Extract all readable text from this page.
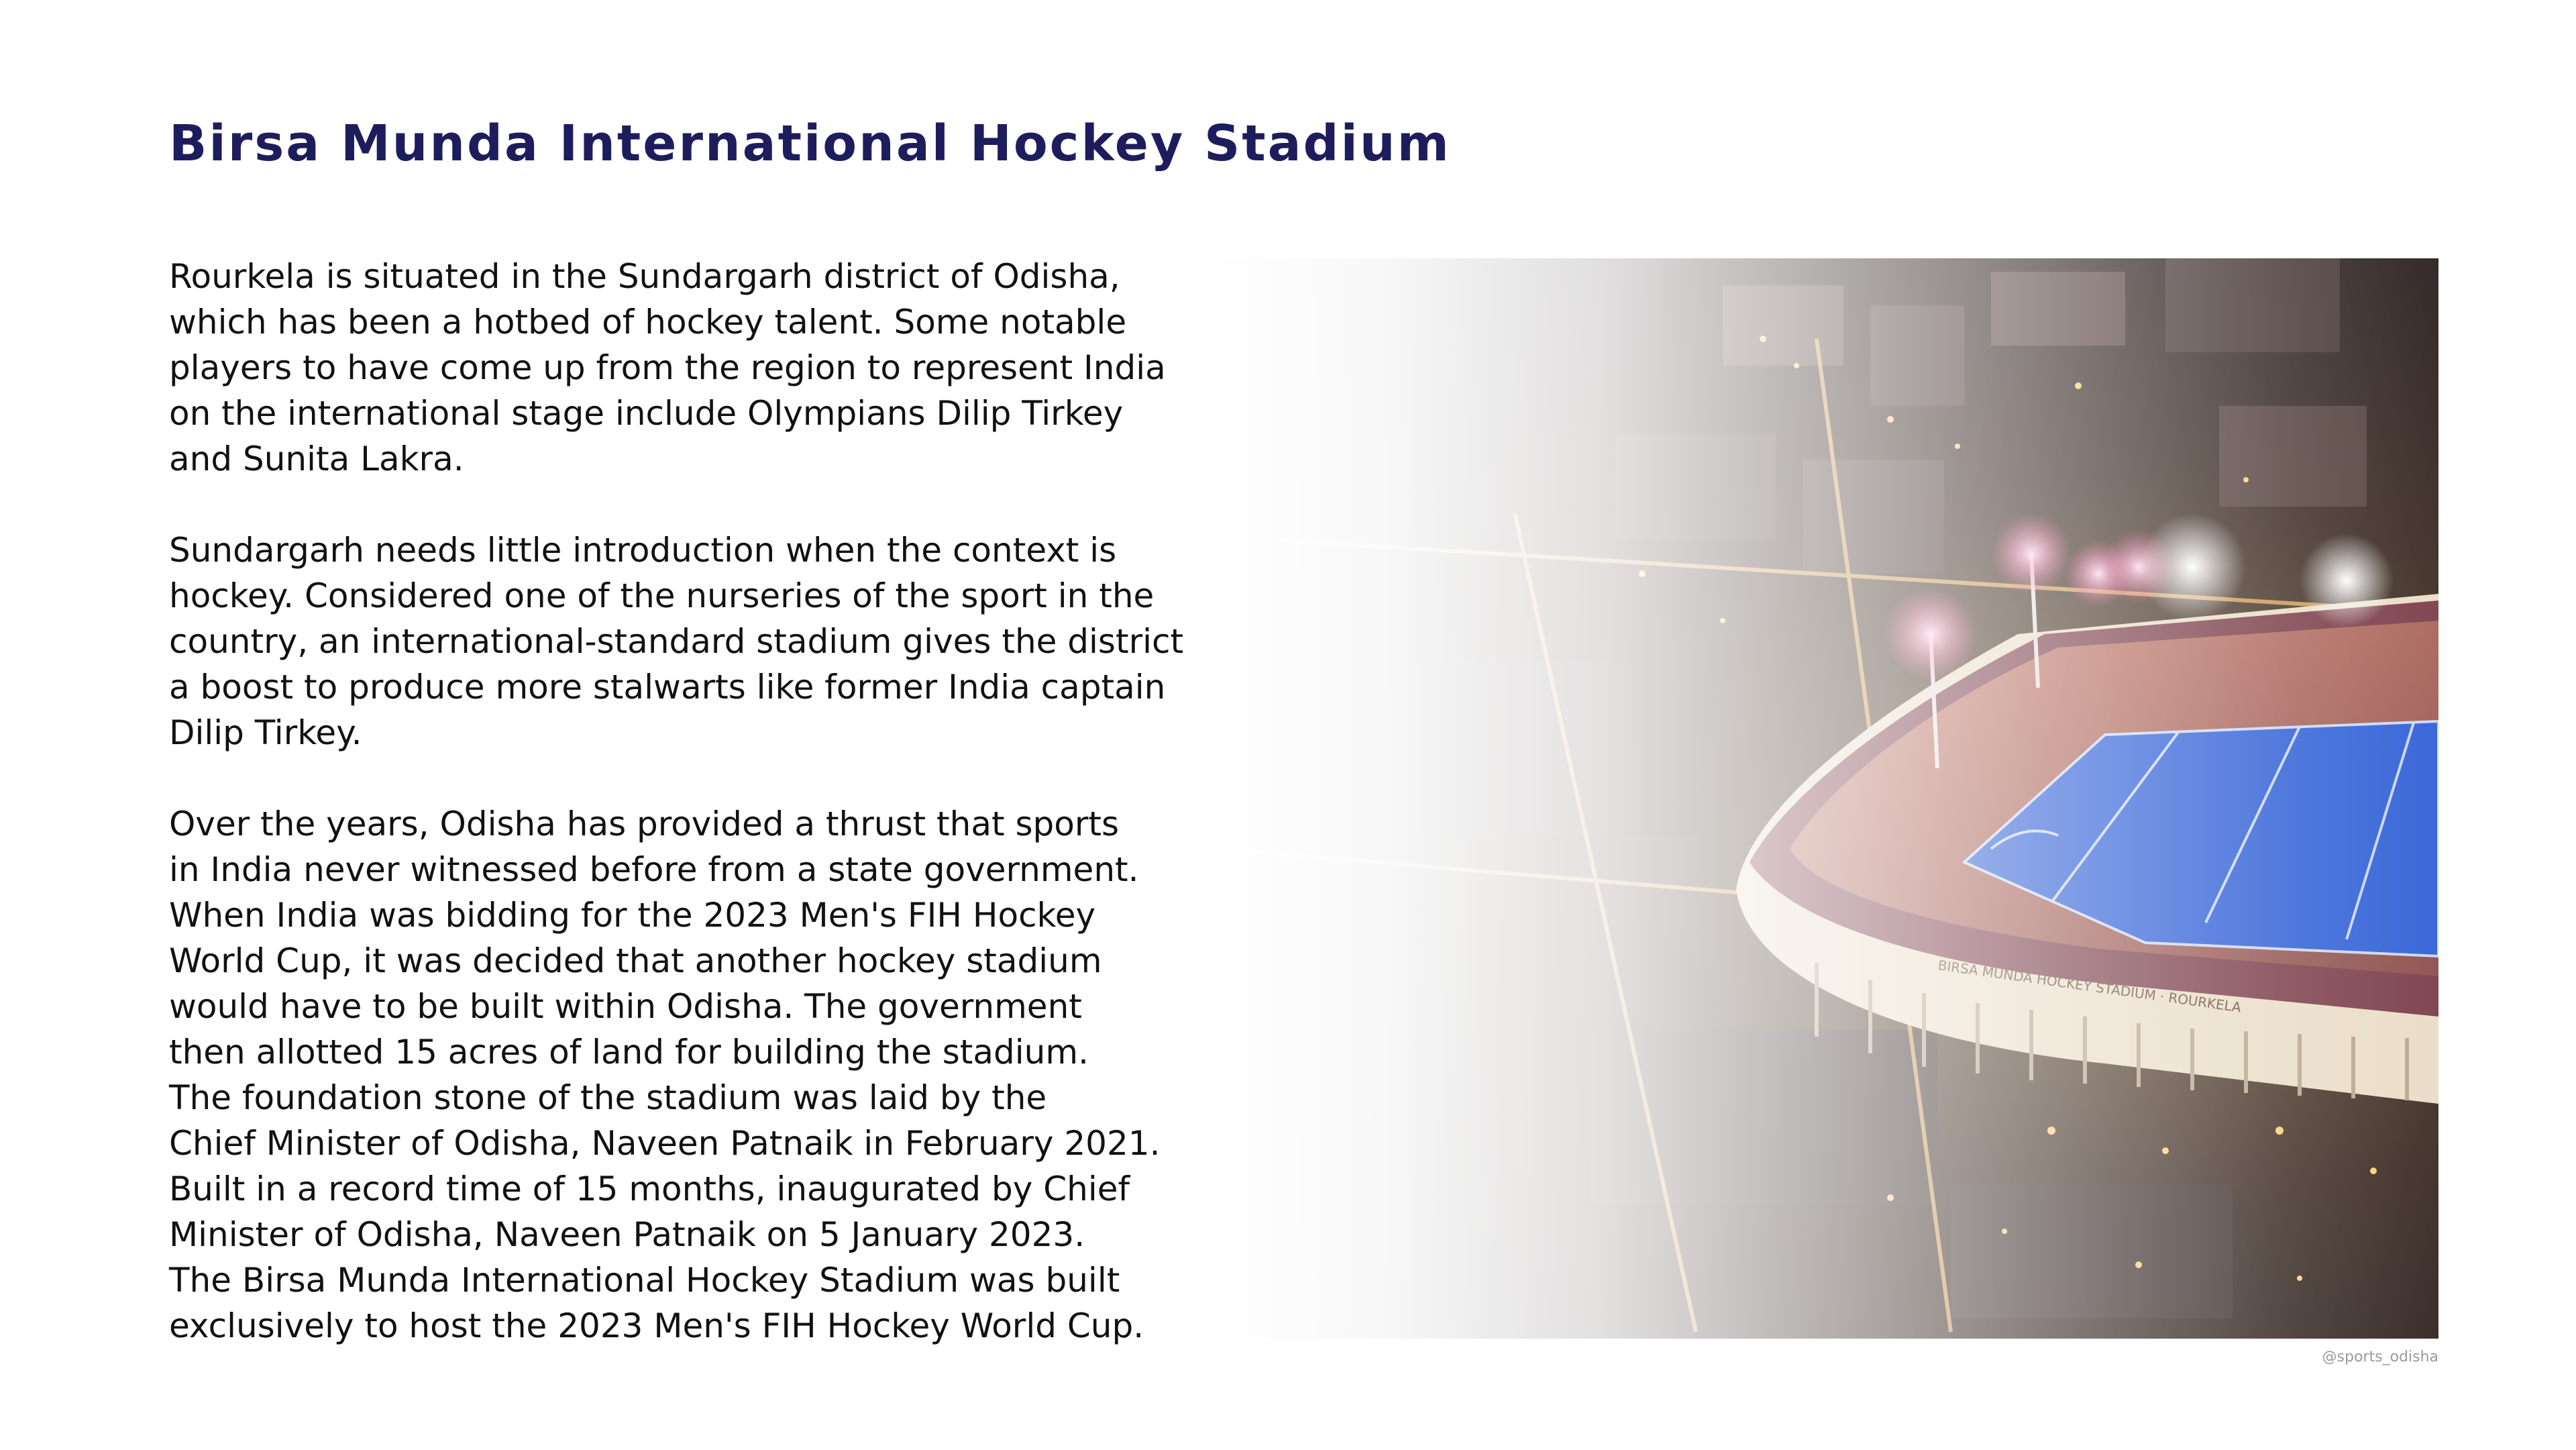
Birsa Munda International Hockey Stadium

Rourkela is situated in the Sundargarh district of Odisha,
which has been a hotbed of hockey talent. Some notable
players to have come up from the region to represent India
on the international stage include Olympians Dilip Tirkey
and Sunita Lakra.

Sundargarh needs little introduction when the context is
hockey. Considered one of the nurseries of the sport in the
country, an international-standard stadium gives the district
a boost to produce more stalwarts like former India captain
Dilip Tirkey.

Over the years, Odisha has provided a thrust that sports
in India never witnessed before from a state government.
When India was bidding for the 2023 Men's FIH Hockey
World Cup, it was decided that another hockey stadium
would have to be built within Odisha. The government
then allotted 15 acres of land for building the stadium.
The foundation stone of the stadium was laid by the
Chief Minister of Odisha, Naveen Patnaik in February 2021.
Built in a record time of 15 months, inaugurated by Chief
Minister of Odisha, Naveen Patnaik on 5 January 2023.
The Birsa Munda International Hockey Stadium was built
exclusively to host the 2023 Men's FIH Hockey World Cup.

@sports_odisha
